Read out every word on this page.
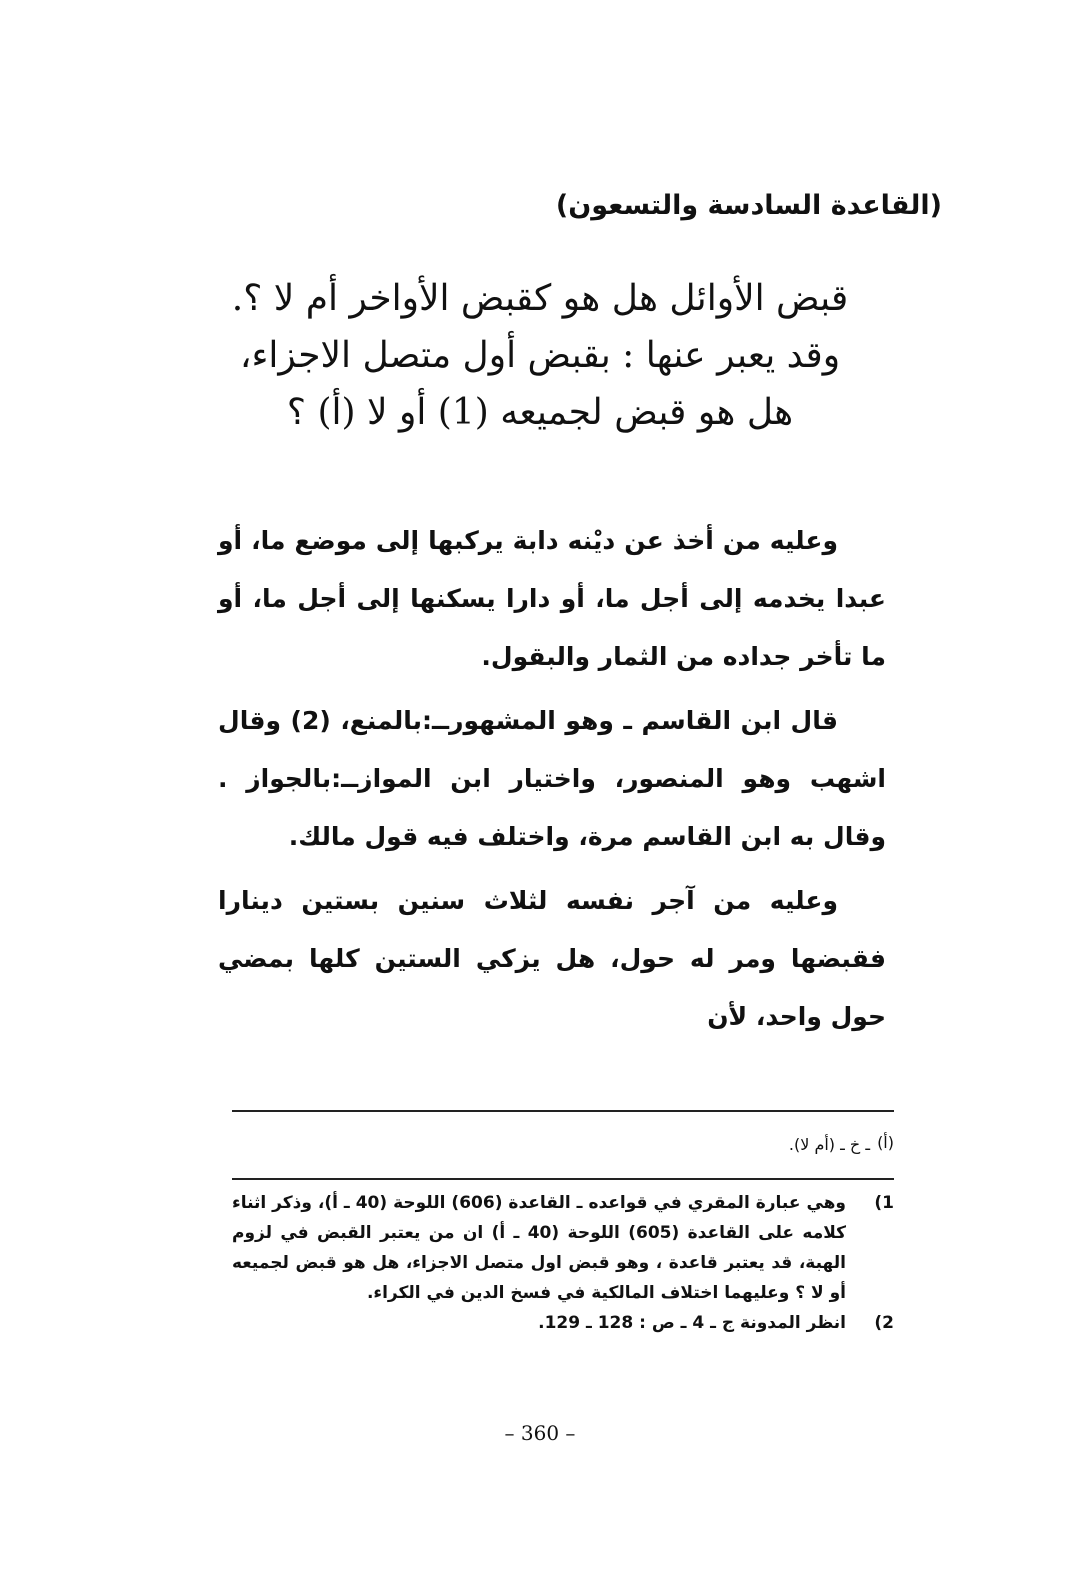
(القاعدة السادسة والتسعون)
قبض الأوائل هل هو كقبض الأواخر أم لا ؟.
وقد يعبر عنها : بقبض أول متصل الاجزاء،
هل هو قبض لجميعه (1) أو لا (أ) ؟

وعليه من أخذ عن ديْنه دابة يركبها إلى موضع ما، أو عبدا يخدمه إلى أجل ما، أو دارا يسكنها إلى أجل ما، أو ما تأخر جداده من الثمار والبقول.

قال ابن القاسم ـ وهو المشهورــ:بالمنع، (2) وقال اشهب وهو المنصور، واختيار ابن الموازــ:بالجواز . وقال به ابن القاسم مرة، واختلف فيه قول مالك.

وعليه من آجر نفسه لثلاث سنين بستين دينارا فقبضها ومر له حول، هل يزكي الستين كلها بمضي حول واحد، لأن

(أ)
ـ خ ـ (أم لا).
1)
وهي عبارة المقري في قواعده ـ القاعدة (606) اللوحة (40 ـ أ)، وذكر اثناء كلامه على القاعدة (605) اللوحة (40 ـ أ) ان من يعتبر القبض في لزوم الهبة، قد يعتبر قاعدة ، وهو قبض اول متصل الاجزاء، هل هو قبض لجميعه أو لا ؟ وعليهما اختلاف المالكية في فسخ الدين في الكراء.
2)
انظر المدونة ج ـ 4 ـ ص : 128 ـ 129.
– 360 –
